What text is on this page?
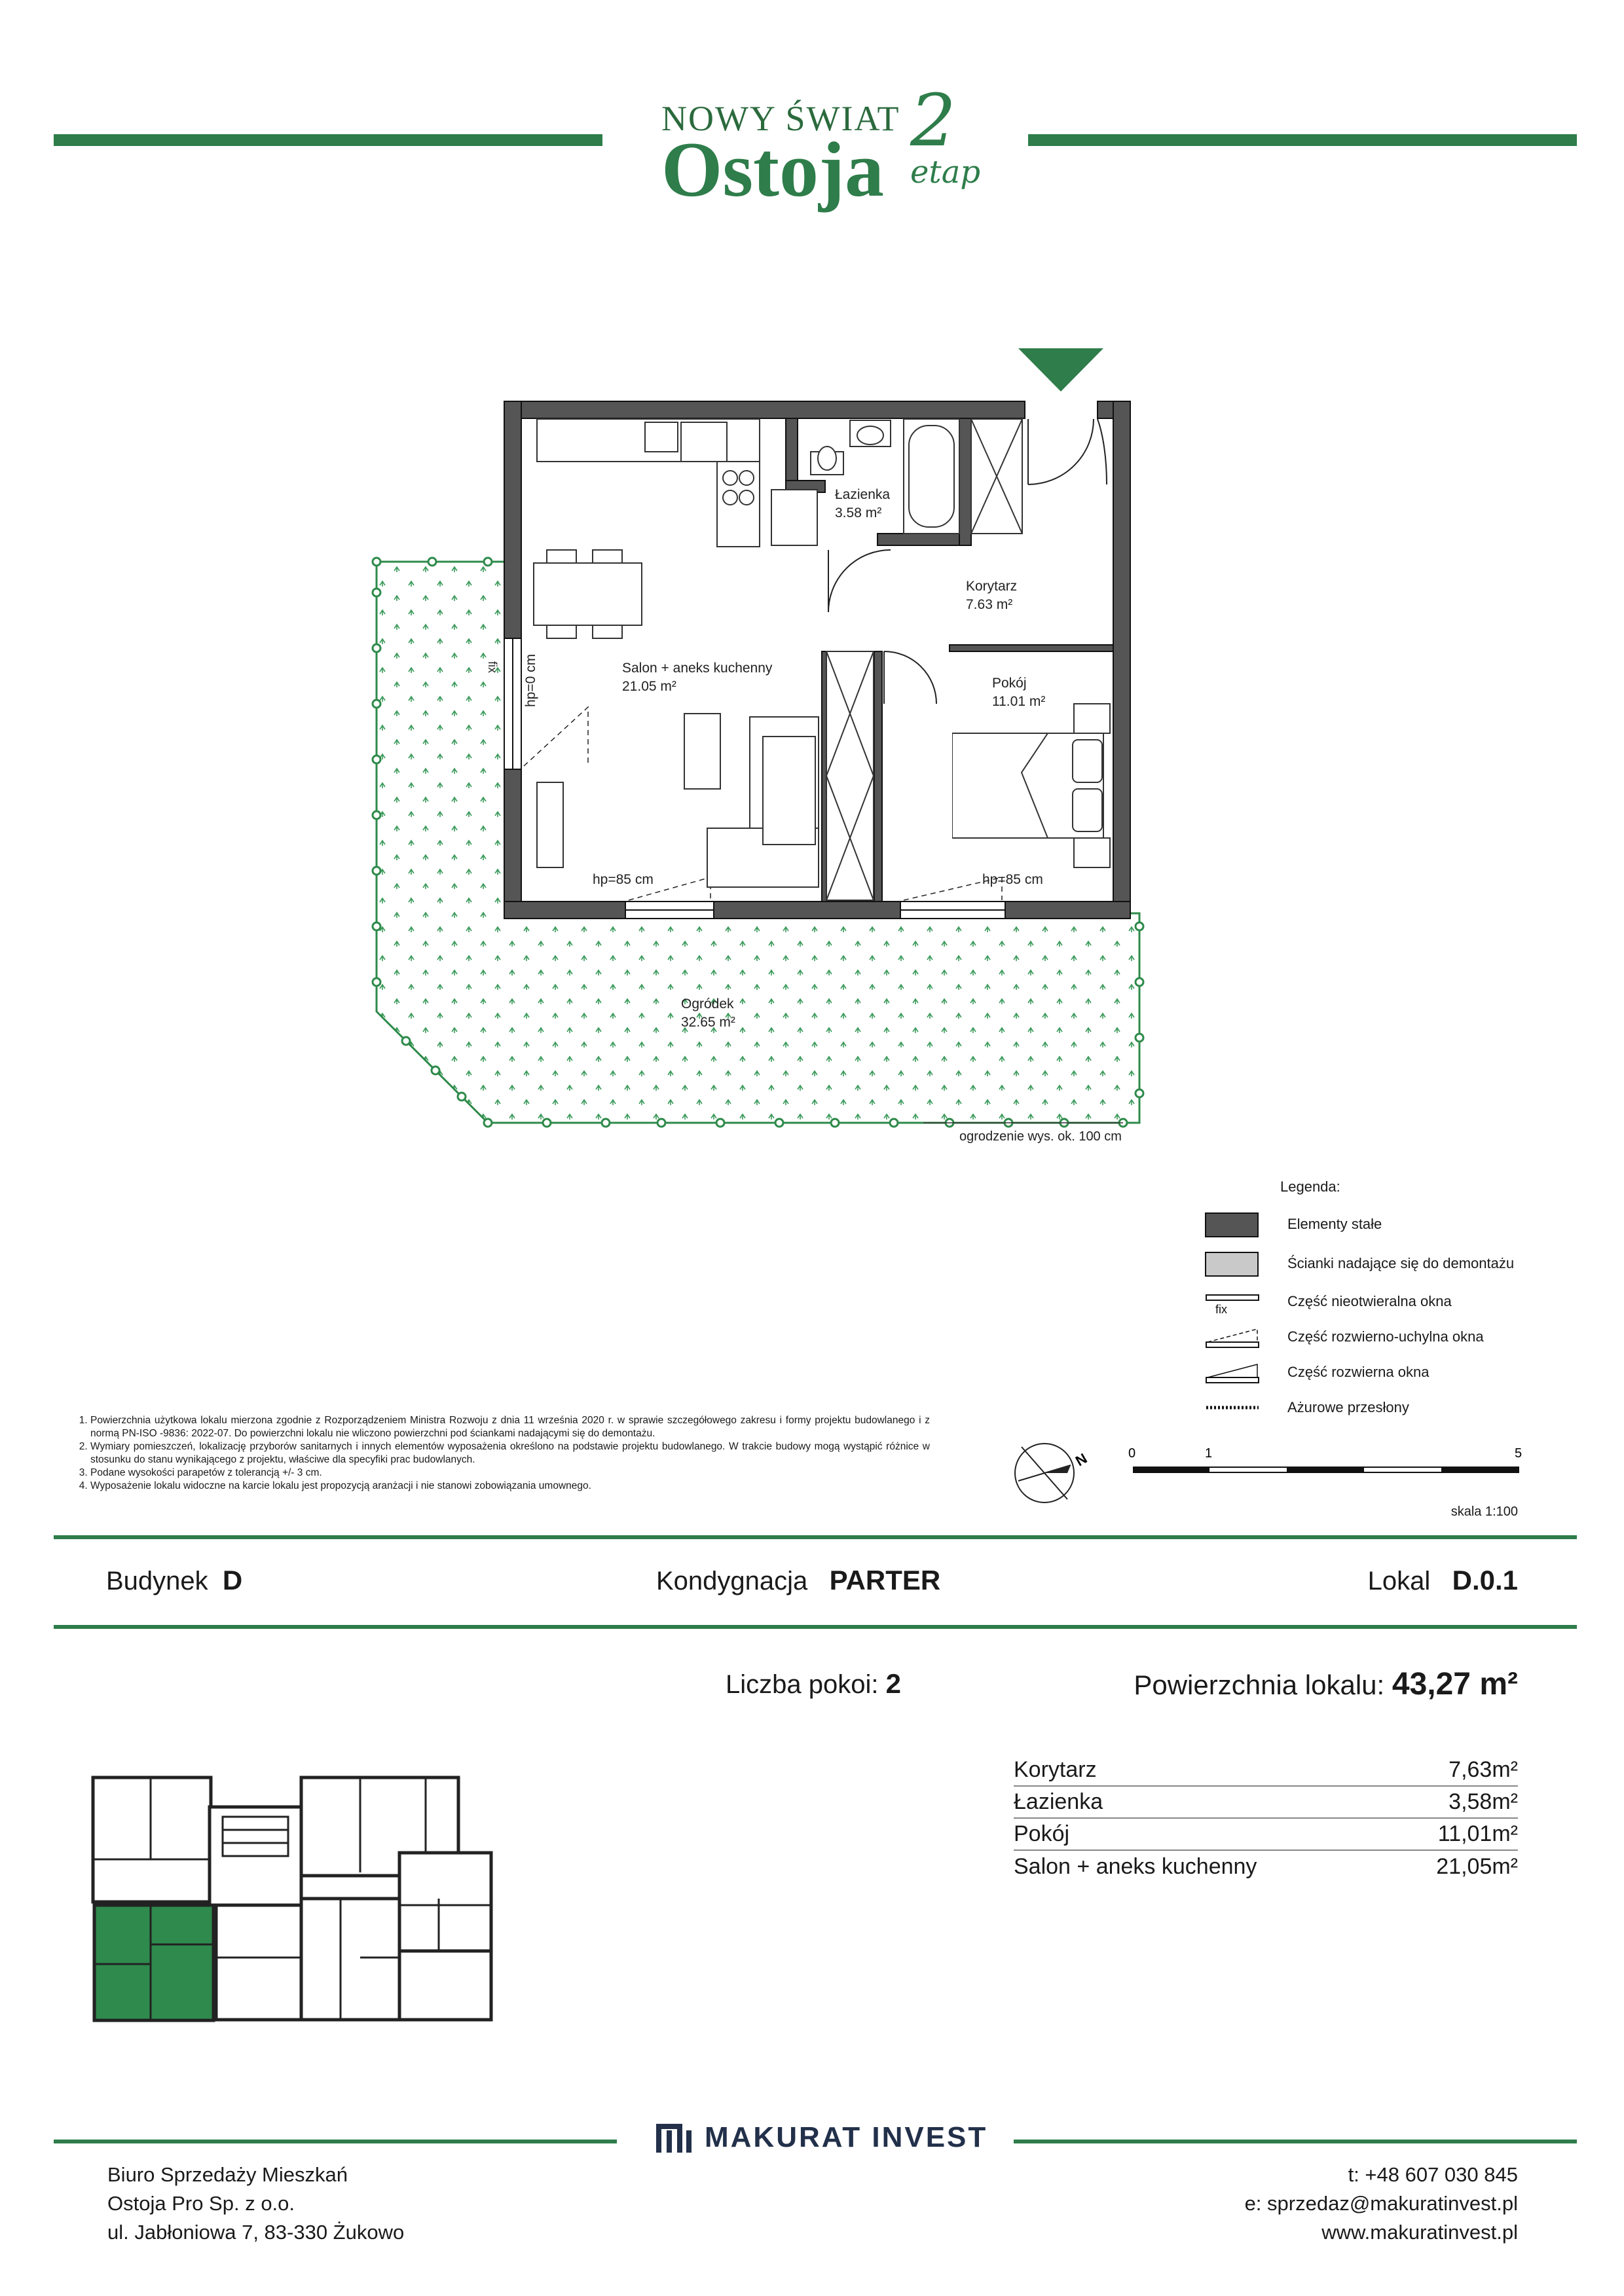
NOWY ŚWIAT
Ostoja
2
etap
Łazienka
3.58 m²
Korytarz
7.63 m²
Salon + aneks kuchenny
21.05 m²	Pokój
11.01 m²
Ogródek
32.65 m²
hp=85 cm	hp=85 cm
hp=0 cm
fix
ogrodzenie wys. ok. 100 cm
Legenda:
Elementy stałe
Ścianki nadające się do demontażu
fix	Część nieotwieralna okna
Część rozwierno-uchylna okna
Część rozwierna okna
Ażurowe przesłony
1. Powierzchnia użytkowa lokalu mierzona zgodnie z Rozporządzeniem Ministra Rozwoju z dnia 11 września 2020 r. w sprawie szczegółowego zakresu i formy projektu budowlanego i z normą PN-ISO -9836: 2022-07. Do powierzchni lokalu nie wliczono powierzchni pod ściankami nadającymi się do demontażu.
2. Wymiary pomieszczeń, lokalizację przyborów sanitarnych i innych elementów wyposażenia określono na podstawie projektu budowlanego. W trakcie budowy mogą wystąpić różnice w stosunku do stanu wynikającego z projektu, właściwe dla specyfiki prac budowlanych.
3. Podane wysokości parapetów z tolerancją +/- 3 cm.
4. Wyposażenie lokalu widoczne na karcie lokalu jest propozycją aranżacji i nie stanowi zobowiązania umownego.
N	0	1	5
skala 1:100
Budynek D	Kondygnacja PARTER	Lokal D.0.1
Liczba pokoi: 2	Powierzchnia lokalu: 43,27 m²
Korytarz	7,63m²
Łazienka	3,58m²
Pokój	11,01m²
Salon + aneks kuchenny	21,05m²
MAKURAT INVEST
Biuro Sprzedaży Mieszkań
Ostoja Pro Sp. z o.o.
ul. Jabłoniowa 7, 83-330 Żukowo
t: +48 607 030 845
e: sprzedaz@makuratinvest.pl
www.makuratinvest.pl
